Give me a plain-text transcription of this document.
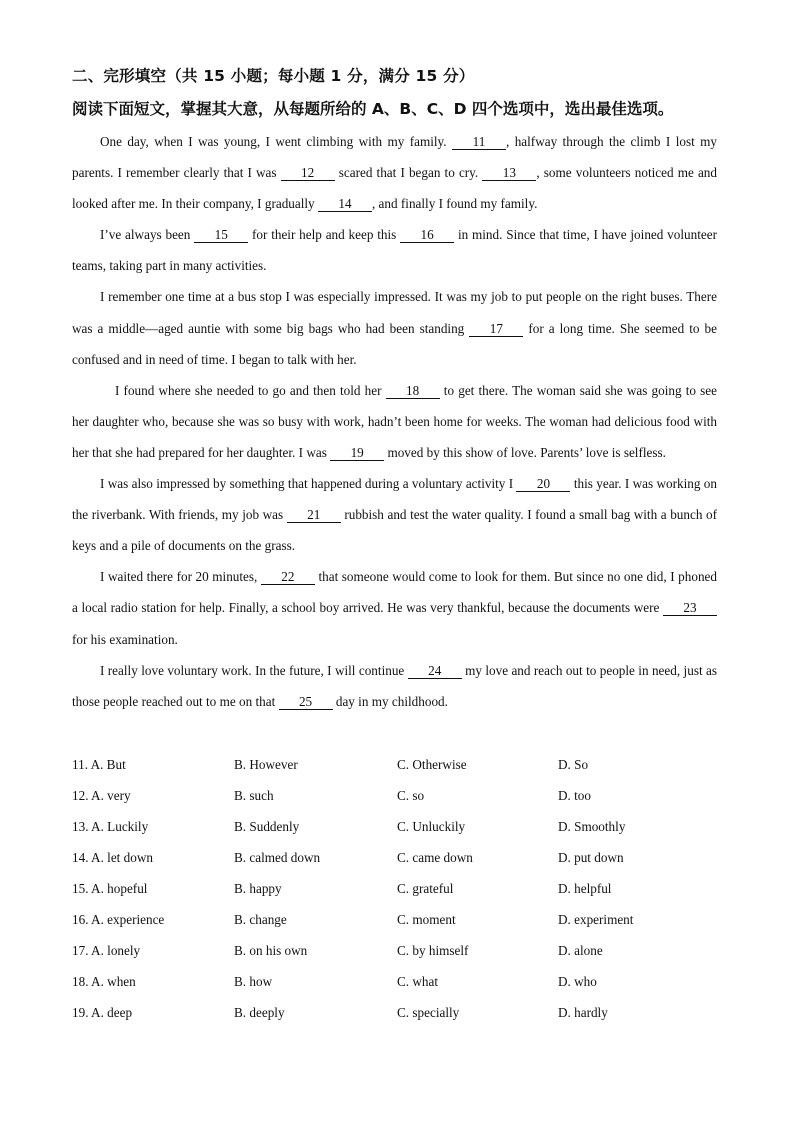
二、完形填空（共 15 小题；每小题 1 分，满分 15 分）
阅读下面短文，掌握其大意，从每题所给的 A、B、C、D 四个选项中，选出最佳选项。

One day, when I was young, I went climbing with my family. 11 , halfway through the climb I lost my parents. I remember clearly that I was 12 scared that I began to cry. 13 , some volunteers noticed me and looked after me. In their company, I gradually 14 , and finally I found my family.

I’ve always been 15 for their help and keep this 16 in mind. Since that time, I have joined volunteer teams, taking part in many activities.

I remember one time at a bus stop I was especially impressed. It was my job to put people on the right buses. There was a middle—aged auntie with some big bags who had been standing 17 for a long time. She seemed to be confused and in need of time. I began to talk with her.

I found where she needed to go and then told her 18 to get there. The woman said she was going to see her daughter who, because she was so busy with work, hadn’t been home for weeks. The woman had delicious food with her that she had prepared for her daughter. I was 19 moved by this show of love. Parents’ love is selfless.

I was also impressed by something that happened during a voluntary activity I 20 this year. I was working on the riverbank. With friends, my job was 21 rubbish and test the water quality. I found a small bag with a bunch of keys and a pile of documents on the grass.

I waited there for 20 minutes, 22 that someone would come to look for them. But since no one did, I phoned a local radio station for help. Finally, a school boy arrived. He was very thankful, because the documents were 23 for his examination.

I really love voluntary work. In the future, I will continue 24 my love and reach out to people in need, just as those people reached out to me on that 25 day in my childhood.

11. A. But	B. However	C. Otherwise	D. So
12. A. very	B. such	C. so	D. too
13. A. Luckily	B. Suddenly	C. Unluckily	D. Smoothly
14. A. let down	B. calmed down	C. came down	D. put down
15. A. hopeful	B. happy	C. grateful	D. helpful
16. A. experience	B. change	C. moment	D. experiment
17. A. lonely	B. on his own	C. by himself	D. alone
18. A. when	B. how	C. what	D. who
19. A. deep	B. deeply	C. specially	D. hardly
